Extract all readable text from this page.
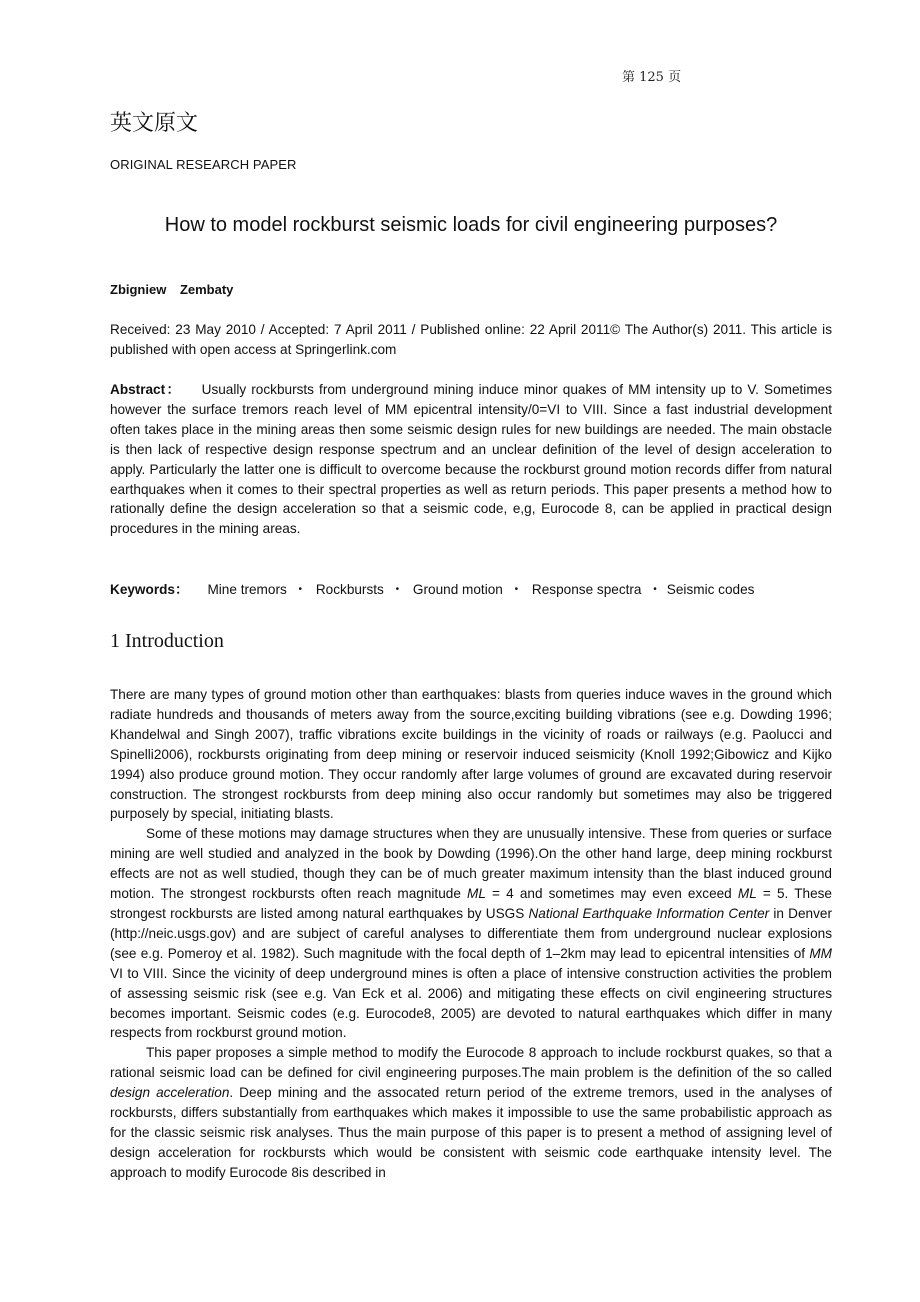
第 125 页
英文原文
ORIGINAL RESEARCH PAPER
How to model rockburst seismic loads for civil engineering purposes?
Zbigniew Zembaty
Received: 23 May 2010 / Accepted: 7 April 2011 / Published online: 22 April 2011© The Author(s) 2011. This article is published with open access at Springerlink.com
Abstract： Usually rockbursts from underground mining induce minor quakes of MM intensity up to V. Sometimes however the surface tremors reach level of MM epicentral intensity/0=VI to VIII. Since a fast industrial development often takes place in the mining areas then some seismic design rules for new buildings are needed. The main obstacle is then lack of respective design response spectrum and an unclear definition of the level of design acceleration to apply. Particularly the latter one is difficult to overcome because the rockburst ground motion records differ from natural earthquakes when it comes to their spectral properties as well as return periods. This paper presents a method how to rationally define the design acceleration so that a seismic code, e,g, Eurocode 8, can be applied in practical design procedures in the mining areas.
Keywords： Mine tremors • Rockbursts • Ground motion • Response spectra • Seismic codes
1 Introduction

There are many types of ground motion other than earthquakes: blasts from queries induce waves in the ground which radiate hundreds and thousands of meters away from the source,exciting building vibrations (see e.g. Dowding 1996; Khandelwal and Singh 2007), traffic vibrations excite buildings in the vicinity of roads or railways (e.g. Paolucci and Spinelli2006), rockbursts originating from deep mining or reservoir induced seismicity (Knoll 1992;Gibowicz and Kijko 1994) also produce ground motion. They occur randomly after large volumes of ground are excavated during reservoir construction. The strongest rockbursts from deep mining also occur randomly but sometimes may also be triggered purposely by special, initiating blasts.

Some of these motions may damage structures when they are unusually intensive. These from queries or surface mining are well studied and analyzed in the book by Dowding (1996).On the other hand large, deep mining rockburst effects are not as well studied, though they can be of much greater maximum intensity than the blast induced ground motion. The strongest rockbursts often reach magnitude ML = 4 and sometimes may even exceed ML = 5. These strongest rockbursts are listed among natural earthquakes by USGS National Earthquake Information Center in Denver (http://neic.usgs.gov) and are subject of careful analyses to differentiate them from underground nuclear explosions (see e.g. Pomeroy et al. 1982). Such magnitude with the focal depth of 1–2km may lead to epicentral intensities of MM VI to VIII. Since the vicinity of deep underground mines is often a place of intensive construction activities the problem of assessing seismic risk (see e.g. Van Eck et al. 2006) and mitigating these effects on civil engineering structures becomes important. Seismic codes (e.g. Eurocode8, 2005) are devoted to natural earthquakes which differ in many respects from rockburst ground motion.

This paper proposes a simple method to modify the Eurocode 8 approach to include rockburst quakes, so that a rational seismic load can be defined for civil engineering purposes.The main problem is the definition of the so called design acceleration. Deep mining and the assocated return period of the extreme tremors, used in the analyses of rockbursts, differs substantially from earthquakes which makes it impossible to use the same probabilistic approach as for the classic seismic risk analyses. Thus the main purpose of this paper is to present a method of assigning level of design acceleration for rockbursts which would be consistent with seismic code earthquake intensity level. The approach to modify Eurocode 8is described in
